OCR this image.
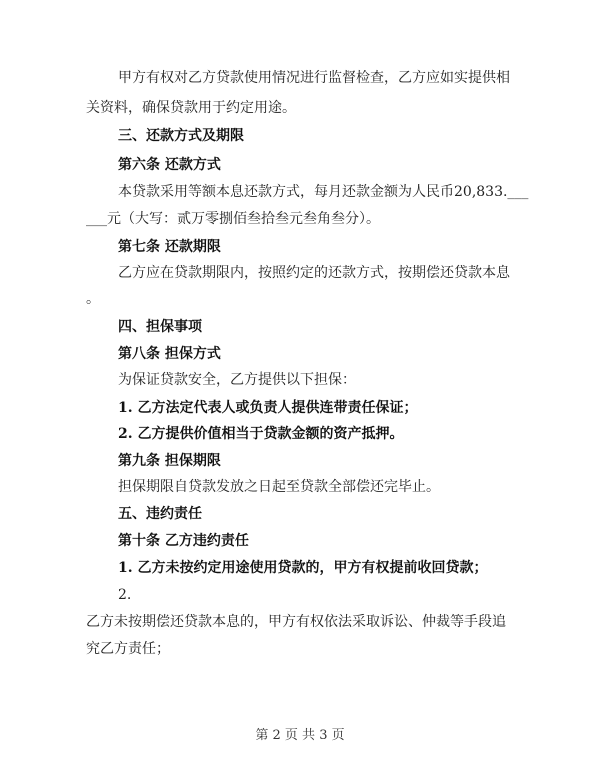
甲方有权对乙方贷款使用情况进行监督检查，乙方应如实提供相
关资料，确保贷款用于约定用途。
三、还款方式及期限
第六条 还款方式
本贷款采用等额本息还款方式，每月还款金额为人民币20,833.___
___元（大写：贰万零捌佰叁拾叁元叁角叁分）。
第七条 还款期限
乙方应在贷款期限内，按照约定的还款方式，按期偿还贷款本息
。
四、担保事项
第八条 担保方式
为保证贷款安全，乙方提供以下担保：
1. 乙方法定代表人或负责人提供连带责任保证；
2. 乙方提供价值相当于贷款金额的资产抵押。
第九条 担保期限
担保期限自贷款发放之日起至贷款全部偿还完毕止。
五、违约责任
第十条 乙方违约责任
1. 乙方未按约定用途使用贷款的，甲方有权提前收回贷款；
2.
乙方未按期偿还贷款本息的，甲方有权依法采取诉讼、仲裁等手段追
究乙方责任；
第 2 页 共 3 页
